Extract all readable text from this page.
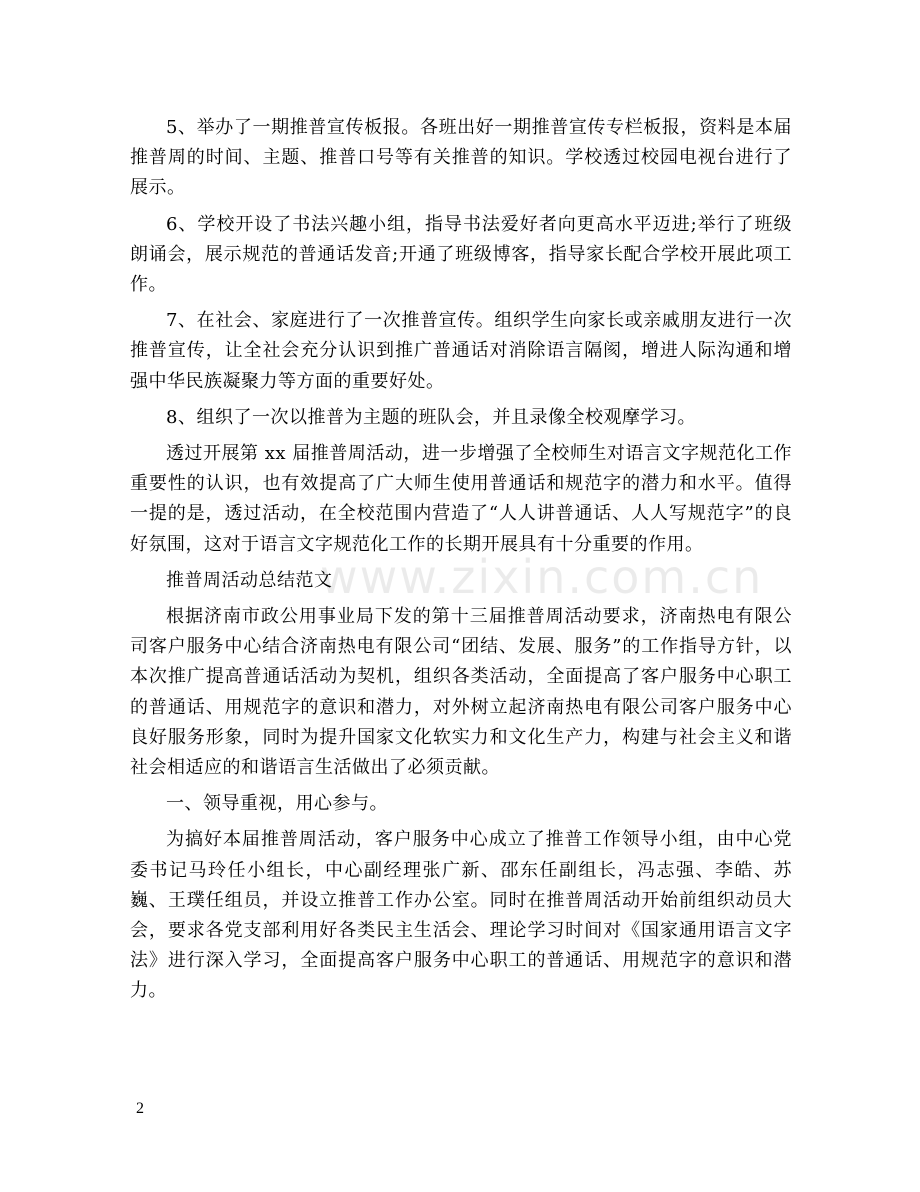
5、举办了一期推普宣传板报。各班出好一期推普宣传专栏板报，资料是本届推普周的时间、主题、推普口号等有关推普的知识。学校透过校园电视台进行了展示。

6、学校开设了书法兴趣小组，指导书法爱好者向更高水平迈进;举行了班级朗诵会，展示规范的普通话发音;开通了班级博客，指导家长配合学校开展此项工作。

7、在社会、家庭进行了一次推普宣传。组织学生向家长或亲戚朋友进行一次推普宣传，让全社会充分认识到推广普通话对消除语言隔阂，增进人际沟通和增强中华民族凝聚力等方面的重要好处。

8、组织了一次以推普为主题的班队会，并且录像全校观摩学习。

透过开展第 xx 届推普周活动，进一步增强了全校师生对语言文字规范化工作重要性的认识，也有效提高了广大师生使用普通话和规范字的潜力和水平。值得一提的是，透过活动，在全校范围内营造了“人人讲普通话、人人写规范字”的良好氛围，这对于语言文字规范化工作的长期开展具有十分重要的作用。

推普周活动总结范文

根据济南市政公用事业局下发的第十三届推普周活动要求，济南热电有限公司客户服务中心结合济南热电有限公司“团结、发展、服务”的工作指导方针，以本次推广提高普通话活动为契机，组织各类活动，全面提高了客户服务中心职工的普通话、用规范字的意识和潜力，对外树立起济南热电有限公司客户服务中心良好服务形象，同时为提升国家文化软实力和文化生产力，构建与社会主义和谐社会相适应的和谐语言生活做出了必须贡献。

一、领导重视，用心参与。

为搞好本届推普周活动，客户服务中心成立了推普工作领导小组，由中心党委书记马玲任小组长，中心副经理张广新、邵东任副组长，冯志强、李皓、苏巍、王璞任组员，并设立推普工作办公室。同时在推普周活动开始前组织动员大会，要求各党支部利用好各类民主生活会、理论学习时间对《国家通用语言文字法》进行深入学习，全面提高客户服务中心职工的普通话、用规范字的意识和潜力。

www.zixin.com.cn
2
